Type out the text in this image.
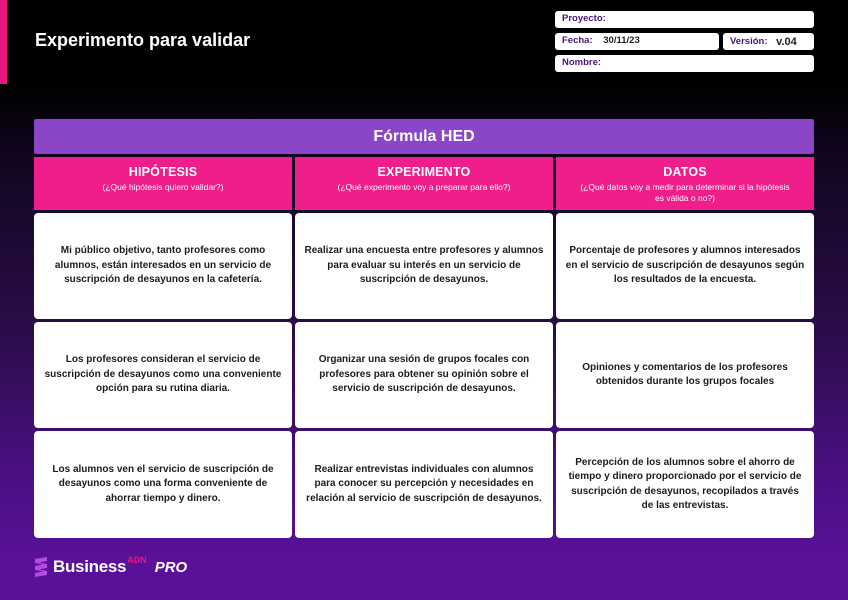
Experimento para validar
Proyecto:
Fecha: 30/11/23	Versión: v.04
Nombre:
Fórmula HED
HIPÓTESIS
(¿Qué hipótesis quiero validar?)
EXPERIMENTO
(¿Qué experimento voy a preparar para ello?)
DATOS
(¿Qué datos voy a medir para determinar si la hipótesis es válida o no?)
Mi público objetivo, tanto profesores como alumnos, están interesados en un servicio de suscripción de desayunos en la cafetería.
Realizar una encuesta entre profesores y alumnos para evaluar su interés en un servicio de suscripción de desayunos.
Porcentaje de profesores y alumnos interesados en el servicio de suscripción de desayunos según los resultados de la encuesta.
Los profesores consideran el servicio de suscripción de desayunos como una conveniente opción para su rutina diaria.
Organizar una sesión de grupos focales con profesores para obtener su opinión sobre el servicio de suscripción de desayunos.
Opiniones y comentarios de los profesores obtenidos durante los grupos focales
Los alumnos ven el servicio de suscripción de desayunos como una forma conveniente de ahorrar tiempo y dinero.
Realizar entrevistas individuales con alumnos para conocer su percepción y necesidades en relación al servicio de suscripción de desayunos.
Percepción de los alumnos sobre el ahorro de tiempo y dinero proporcionado por el servicio de suscripción de desayunos, recopilados a través de las entrevistas.
Business ADN PRO
